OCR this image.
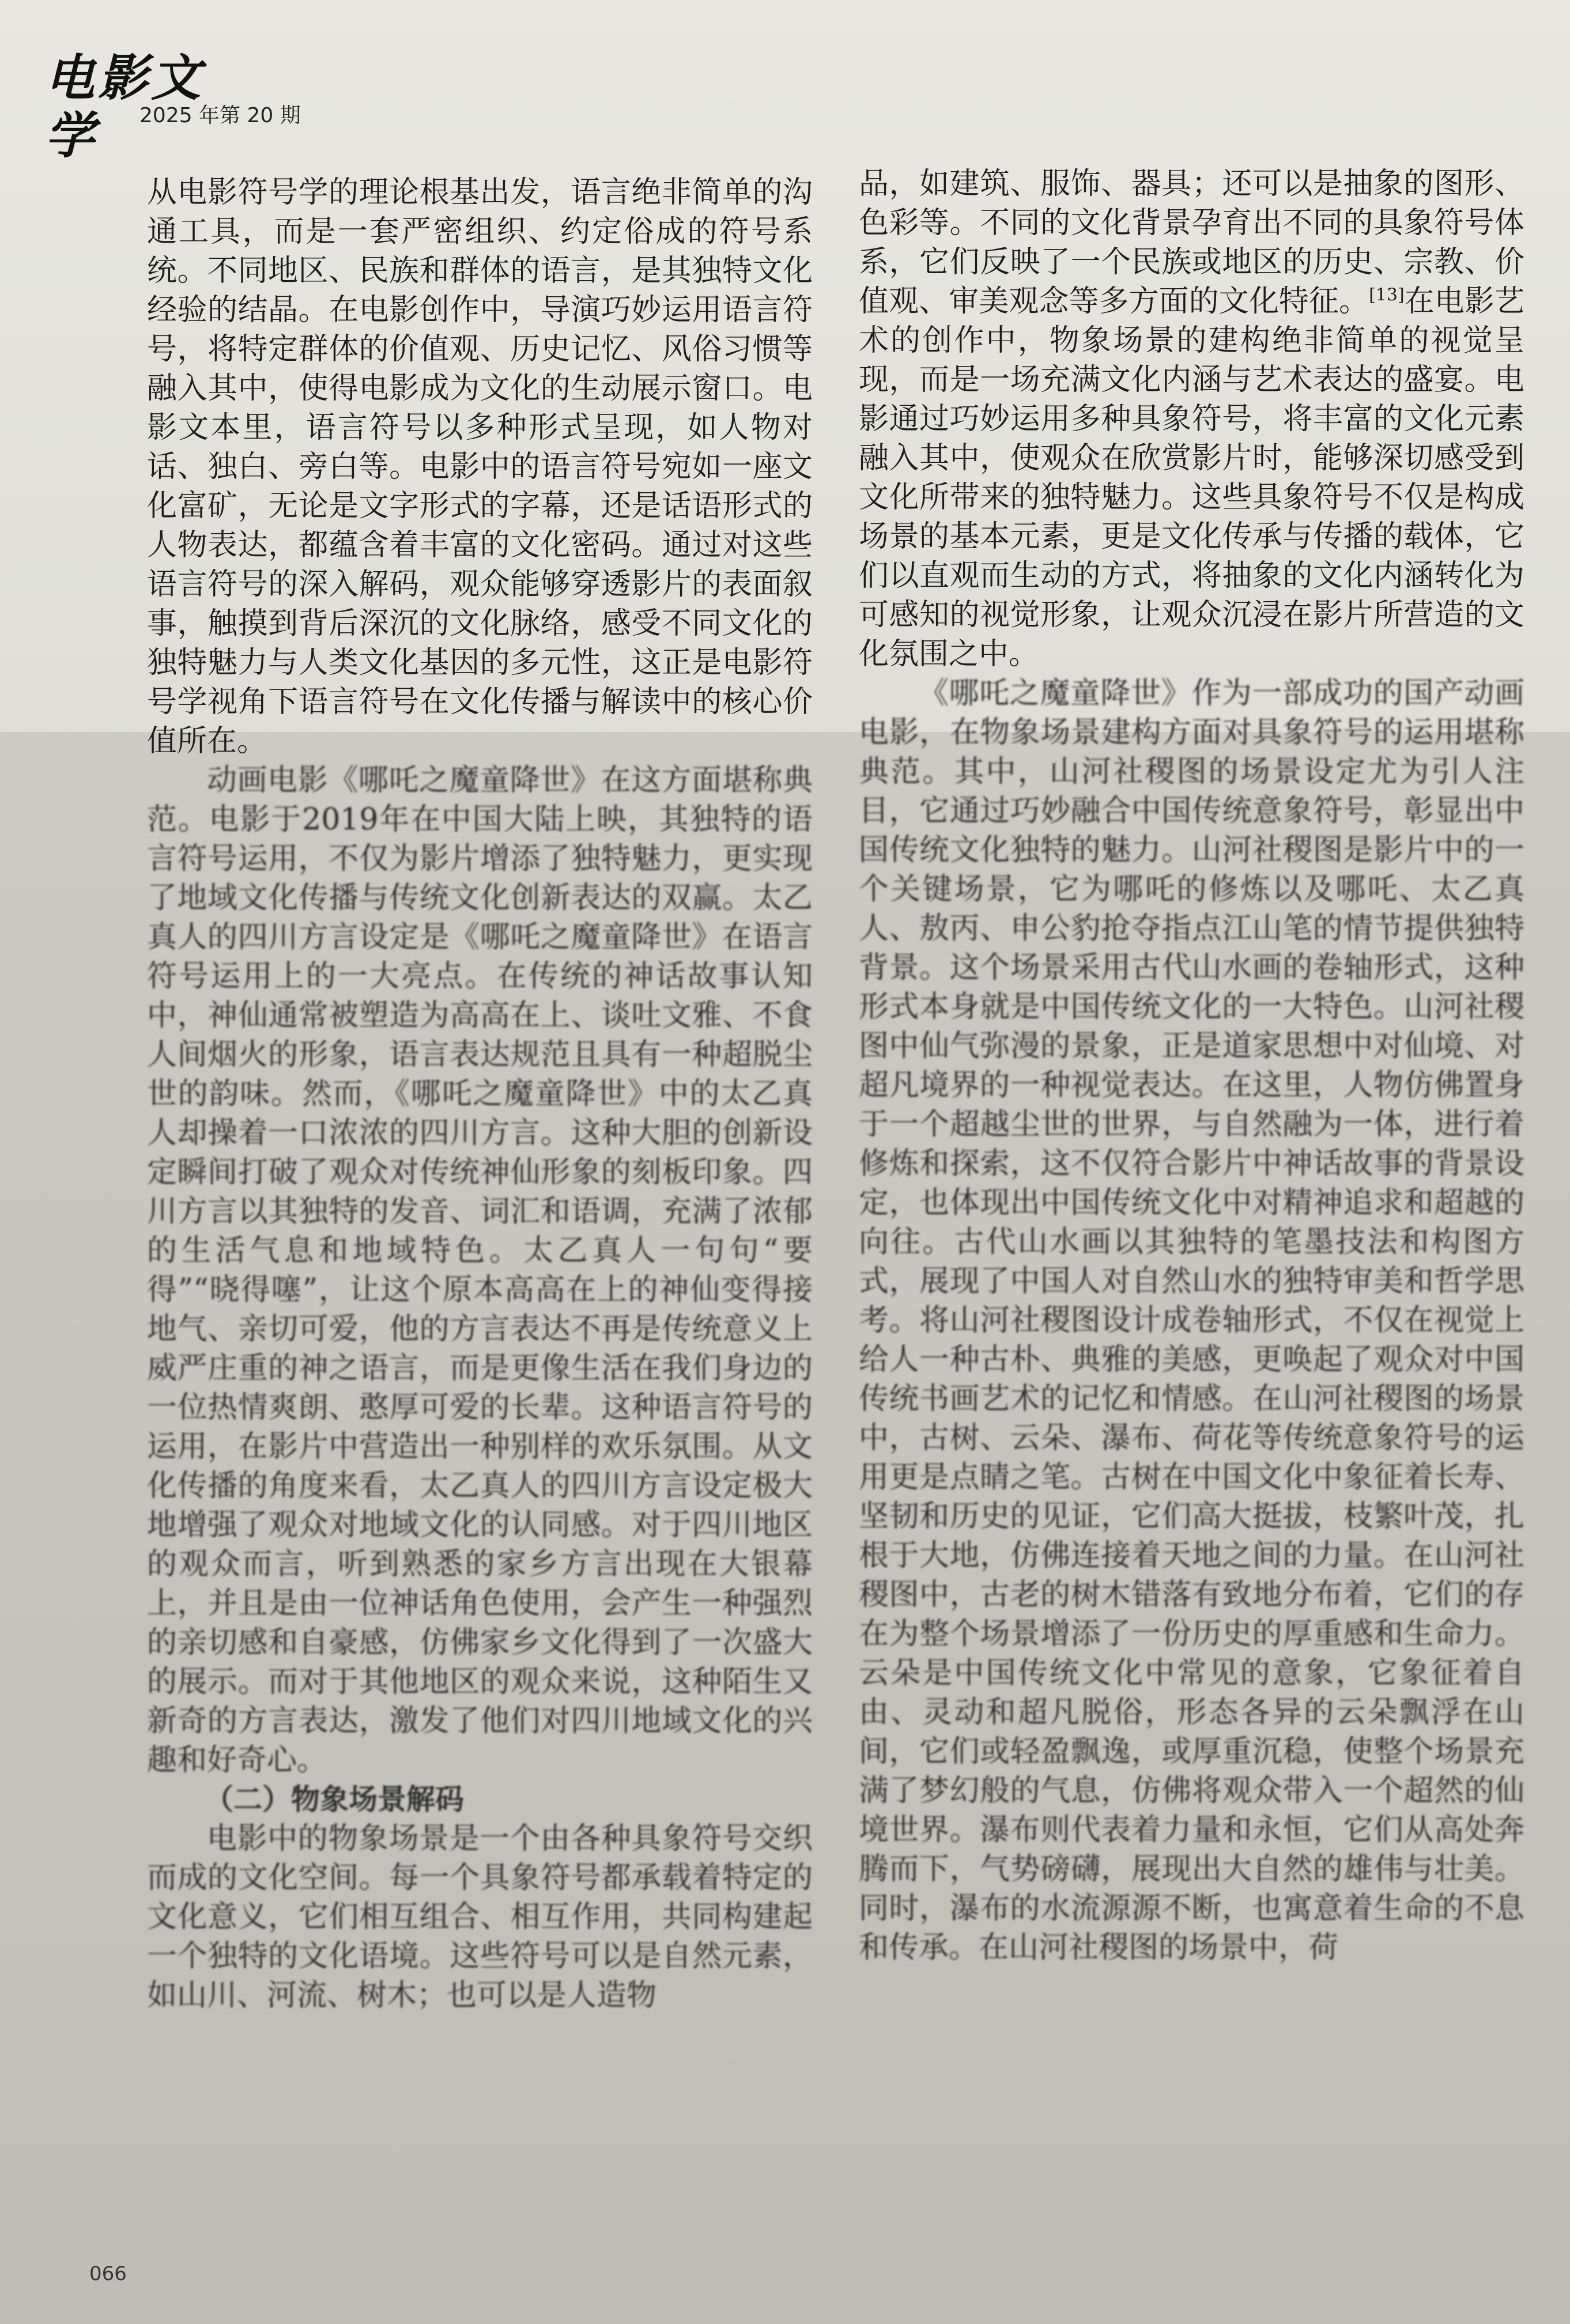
电影文学	2025 年第 20 期

从电影符号学的理论根基出发，语言绝非简单的沟通工具，而是一套严密组织、约定俗成的符号系统。不同地区、民族和群体的语言，是其独特文化经验的结晶。在电影创作中，导演巧妙运用语言符号，将特定群体的价值观、历史记忆、风俗习惯等融入其中，使得电影成为文化的生动展示窗口。电影文本里，语言符号以多种形式呈现，如人物对话、独白、旁白等。电影中的语言符号宛如一座文化富矿，无论是文字形式的字幕，还是话语形式的人物表达，都蕴含着丰富的文化密码。通过对这些语言符号的深入解码，观众能够穿透影片的表面叙事，触摸到背后深沉的文化脉络，感受不同文化的独特魅力与人类文化基因的多元性，这正是电影符号学视角下语言符号在文化传播与解读中的核心价值所在。

动画电影《哪吒之魔童降世》在这方面堪称典范。电影于2019年在中国大陆上映，其独特的语言符号运用，不仅为影片增添了独特魅力，更实现了地域文化传播与传统文化创新表达的双赢。太乙真人的四川方言设定是《哪吒之魔童降世》在语言符号运用上的一大亮点。在传统的神话故事认知中，神仙通常被塑造为高高在上、谈吐文雅、不食人间烟火的形象，语言表达规范且具有一种超脱尘世的韵味。然而，《哪吒之魔童降世》中的太乙真人却操着一口浓浓的四川方言。这种大胆的创新设定瞬间打破了观众对传统神仙形象的刻板印象。四川方言以其独特的发音、词汇和语调，充满了浓郁的生活气息和地域特色。太乙真人一句句“要得”“晓得噻”，让这个原本高高在上的神仙变得接地气、亲切可爱，他的方言表达不再是传统意义上威严庄重的神之语言，而是更像生活在我们身边的一位热情爽朗、憨厚可爱的长辈。这种语言符号的运用，在影片中营造出一种别样的欢乐氛围。从文化传播的角度来看，太乙真人的四川方言设定极大地增强了观众对地域文化的认同感。对于四川地区的观众而言，听到熟悉的家乡方言出现在大银幕上，并且是由一位神话角色使用，会产生一种强烈的亲切感和自豪感，仿佛家乡文化得到了一次盛大的展示。而对于其他地区的观众来说，这种陌生又新奇的方言表达，激发了他们对四川地域文化的兴趣和好奇心。

（二）物象场景解码

电影中的物象场景是一个由各种具象符号交织而成的文化空间。每一个具象符号都承载着特定的文化意义，它们相互组合、相互作用，共同构建起一个独特的文化语境。这些符号可以是自然元素，如山川、河流、树木；也可以是人造物

品，如建筑、服饰、器具；还可以是抽象的图形、色彩等。不同的文化背景孕育出不同的具象符号体系，它们反映了一个民族或地区的历史、宗教、价值观、审美观念等多方面的文化特征。[13]在电影艺术的创作中，物象场景的建构绝非简单的视觉呈现，而是一场充满文化内涵与艺术表达的盛宴。电影通过巧妙运用多种具象符号，将丰富的文化元素融入其中，使观众在欣赏影片时，能够深切感受到文化所带来的独特魅力。这些具象符号不仅是构成场景的基本元素，更是文化传承与传播的载体，它们以直观而生动的方式，将抽象的文化内涵转化为可感知的视觉形象，让观众沉浸在影片所营造的文化氛围之中。

《哪吒之魔童降世》作为一部成功的国产动画电影，在物象场景建构方面对具象符号的运用堪称典范。其中，山河社稷图的场景设定尤为引人注目，它通过巧妙融合中国传统意象符号，彰显出中国传统文化独特的魅力。山河社稷图是影片中的一个关键场景，它为哪吒的修炼以及哪吒、太乙真人、敖丙、申公豹抢夺指点江山笔的情节提供独特背景。这个场景采用古代山水画的卷轴形式，这种形式本身就是中国传统文化的一大特色。山河社稷图中仙气弥漫的景象，正是道家思想中对仙境、对超凡境界的一种视觉表达。在这里，人物仿佛置身于一个超越尘世的世界，与自然融为一体，进行着修炼和探索，这不仅符合影片中神话故事的背景设定，也体现出中国传统文化中对精神追求和超越的向往。古代山水画以其独特的笔墨技法和构图方式，展现了中国人对自然山水的独特审美和哲学思考。将山河社稷图设计成卷轴形式，不仅在视觉上给人一种古朴、典雅的美感，更唤起了观众对中国传统书画艺术的记忆和情感。在山河社稷图的场景中，古树、云朵、瀑布、荷花等传统意象符号的运用更是点睛之笔。古树在中国文化中象征着长寿、坚韧和历史的见证，它们高大挺拔，枝繁叶茂，扎根于大地，仿佛连接着天地之间的力量。在山河社稷图中，古老的树木错落有致地分布着，它们的存在为整个场景增添了一份历史的厚重感和生命力。云朵是中国传统文化中常见的意象，它象征着自由、灵动和超凡脱俗，形态各异的云朵飘浮在山间，它们或轻盈飘逸，或厚重沉稳，使整个场景充满了梦幻般的气息，仿佛将观众带入一个超然的仙境世界。瀑布则代表着力量和永恒，它们从高处奔腾而下，气势磅礴，展现出大自然的雄伟与壮美。同时，瀑布的水流源源不断，也寓意着生命的不息和传承。在山河社稷图的场景中，荷

066
